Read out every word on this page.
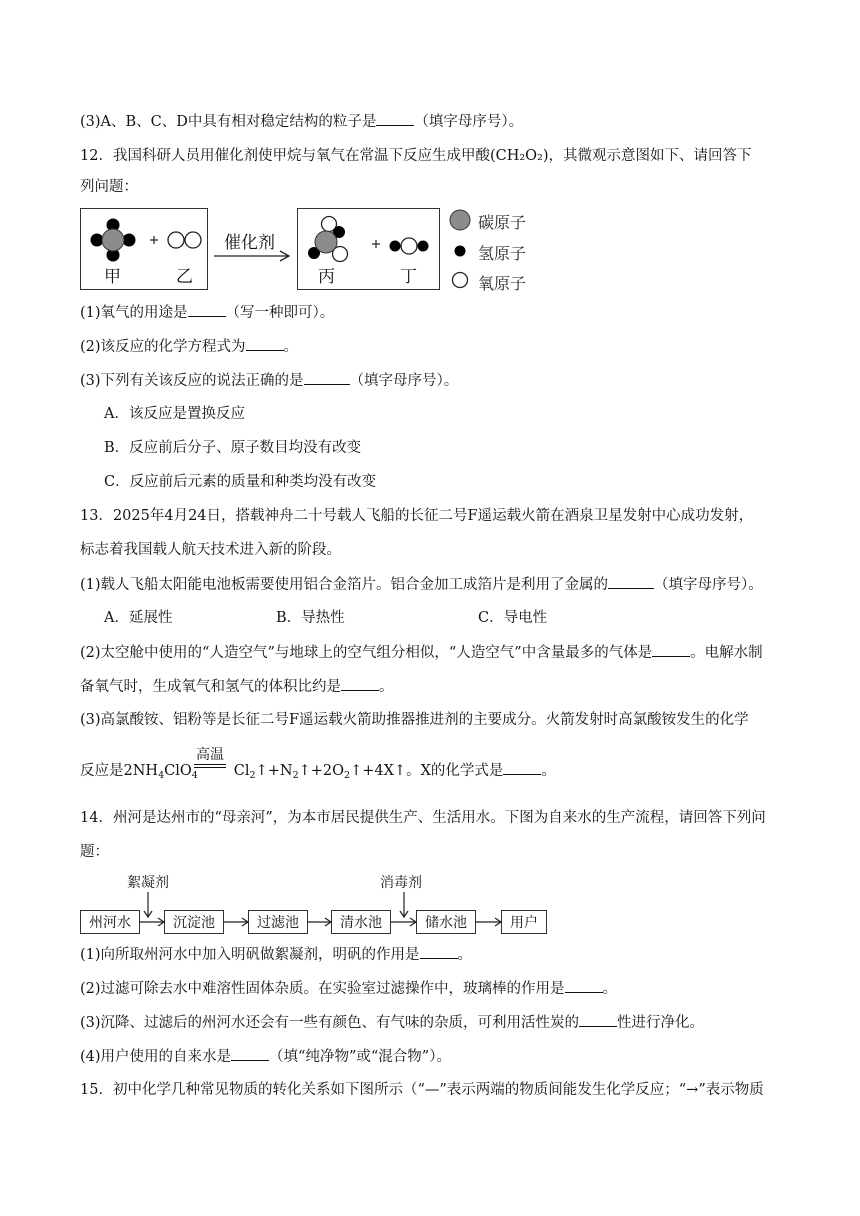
(3)A、B、C、D中具有相对稳定结构的粒子是	（填字母序号）。
12．我国科研人员用催化剂使甲烷与氧气在常温下反应生成甲酸(CH₂O₂)，其微观示意图如下、请回答下
列问题：
甲	乙
催化剂
丙	丁
碳原子
氢原子
氧原子
(1)氧气的用途是	（写一种即可）。
(2)该反应的化学方程式为	。
(3)下列有关该反应的说法正确的是	（填字母序号）。
A．该反应是置换反应
B．反应前后分子、原子数目均没有改变
C．反应前后元素的质量和种类均没有改变
13．2025年4月24日，搭载神舟二十号载人飞船的长征二号F遥运载火箭在酒泉卫星发射中心成功发射，
标志着我国载人航天技术进入新的阶段。
(1)载人飞船太阳能电池板需要使用铝合金箔片。铝合金加工成箔片是利用了金属的	（填字母序号）。
A．延展性	B．导热性	C．导电性
(2)太空舱中使用的“人造空气”与地球上的空气组分相似，“人造空气”中含量最多的气体是	。电解水制
备氧气时，生成氧气和氢气的体积比约是	。
(3)高氯酸铵、铝粉等是长征二号F遥运载火箭助推器推进剂的主要成分。火箭发射时高氯酸铵发生的化学
高温
反应是$2NH_4ClO_4$ $Cl_2↑+N_2↑+2O_2↑+4X↑$。X的化学式是	。
14．州河是达州市的“母亲河”，为本市居民提供生产、生活用水。下图为自来水的生产流程，请回答下列问
题：
絮凝剂	消毒剂
州河水	沉淀池	过滤池	清水池	储水池	用户
(1)向所取州河水中加入明矾做絮凝剂，明矾的作用是	。
(2)过滤可除去水中难溶性固体杂质。在实验室过滤操作中，玻璃棒的作用是	。
(3)沉降、过滤后的州河水还会有一些有颜色、有气味的杂质，可利用活性炭的	性进行净化。
(4)用户使用的自来水是	（填“纯净物”或“混合物”）。
15．初中化学几种常见物质的转化关系如下图所示（“—”表示两端的物质间能发生化学反应；“→”表示物质
